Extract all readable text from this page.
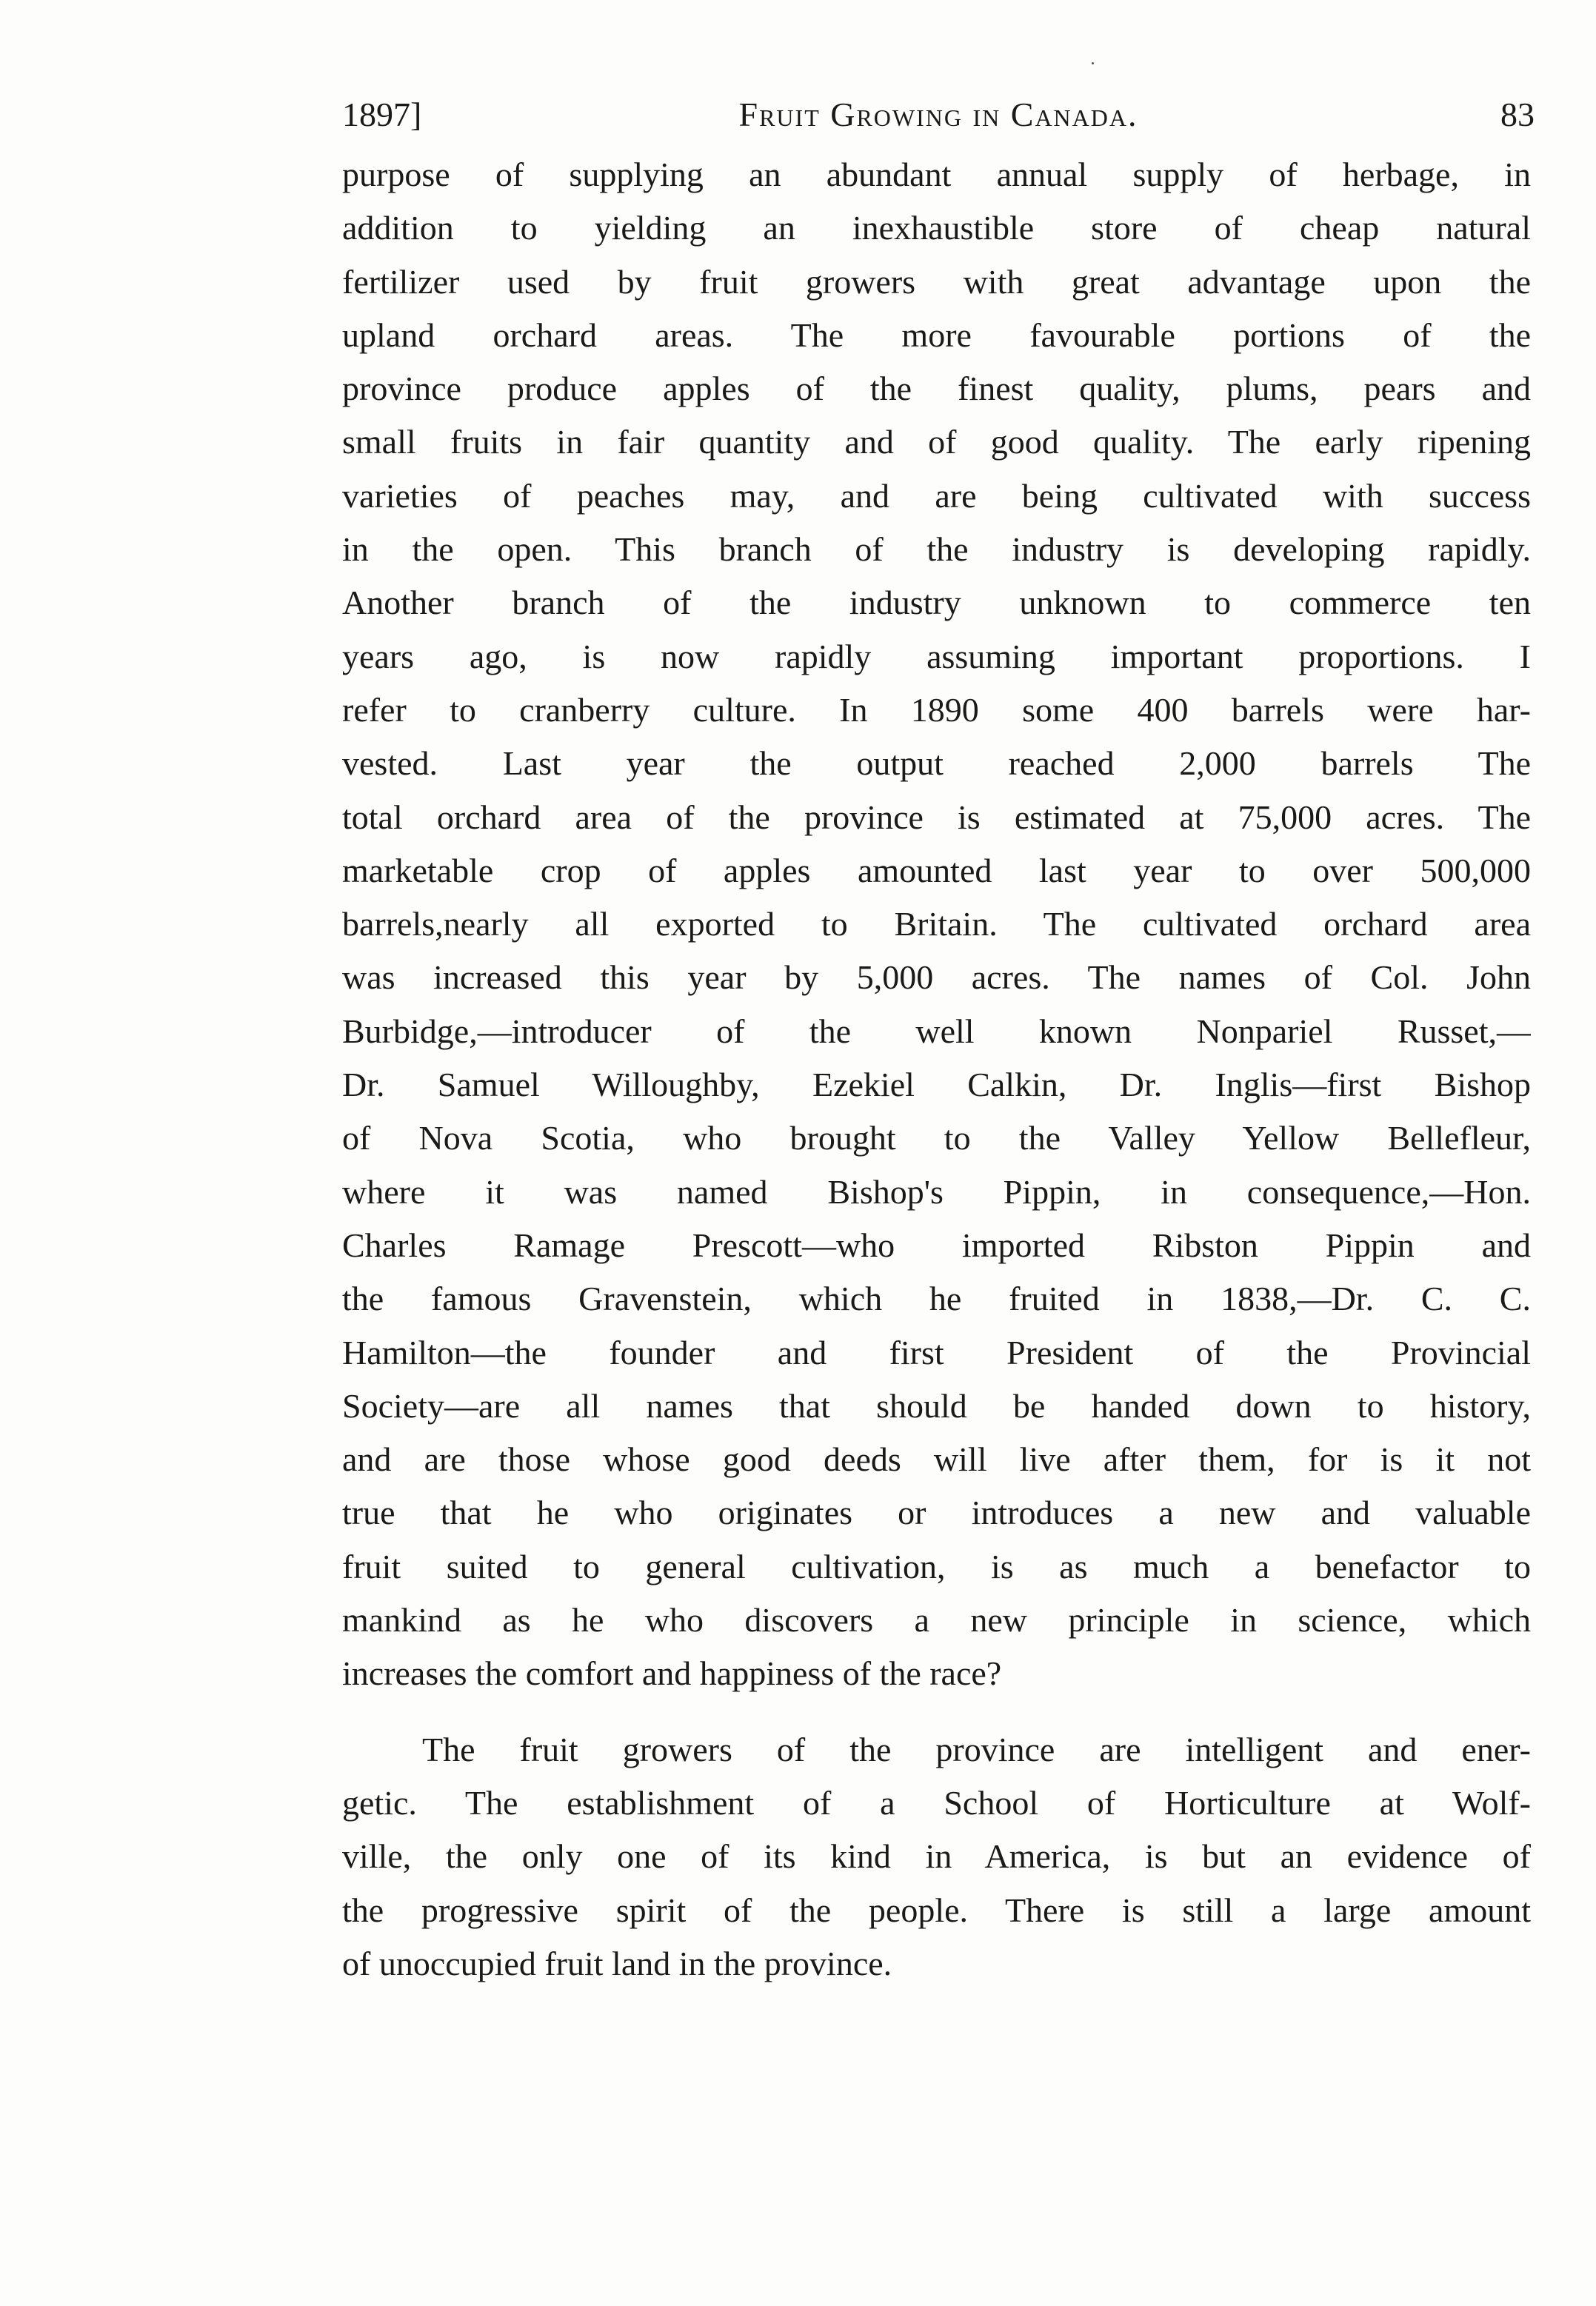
1897]	Fruit Growing in Canada.	83
purpose of supplying an abundant annual supply of herbage, in
addition to yielding an inexhaustible store of cheap natural
fertilizer used by fruit growers with great advantage upon the
upland orchard areas. The more favourable portions of the
province produce apples of the finest quality, plums, pears and
small fruits in fair quantity and of good quality. The early ripening
varieties of peaches may, and are being cultivated with success
in the open. This branch of the industry is developing rapidly.
Another branch of the industry unknown to commerce ten
years ago, is now rapidly assuming important proportions. I
refer to cranberry culture. In 1890 some 400 barrels were har-
vested. Last year the output reached 2,000 barrels The
total orchard area of the province is estimated at 75,000 acres. The
marketable crop of apples amounted last year to over 500,000
barrels,nearly all exported to Britain. The cultivated orchard area
was increased this year by 5,000 acres. The names of Col. John
Burbidge,—introducer of the well known Nonpariel Russet,—
Dr. Samuel Willoughby, Ezekiel Calkin, Dr. Inglis—first Bishop
of Nova Scotia, who brought to the Valley Yellow Bellefleur,
where it was named Bishop's Pippin, in consequence,—Hon.
Charles Ramage Prescott—who imported Ribston Pippin and
the famous Gravenstein, which he fruited in 1838,—Dr. C. C.
Hamilton—the founder and first President of the Provincial
Society—are all names that should be handed down to history,
and are those whose good deeds will live after them, for is it not
true that he who originates or introduces a new and valuable
fruit suited to general cultivation, is as much a benefactor to
mankind as he who discovers a new principle in science, which
increases the comfort and happiness of the race?
The fruit growers of the province are intelligent and ener-
getic. The establishment of a School of Horticulture at Wolf-
ville, the only one of its kind in America, is but an evidence of
the progressive spirit of the people. There is still a large amount
of unoccupied fruit land in the province.
